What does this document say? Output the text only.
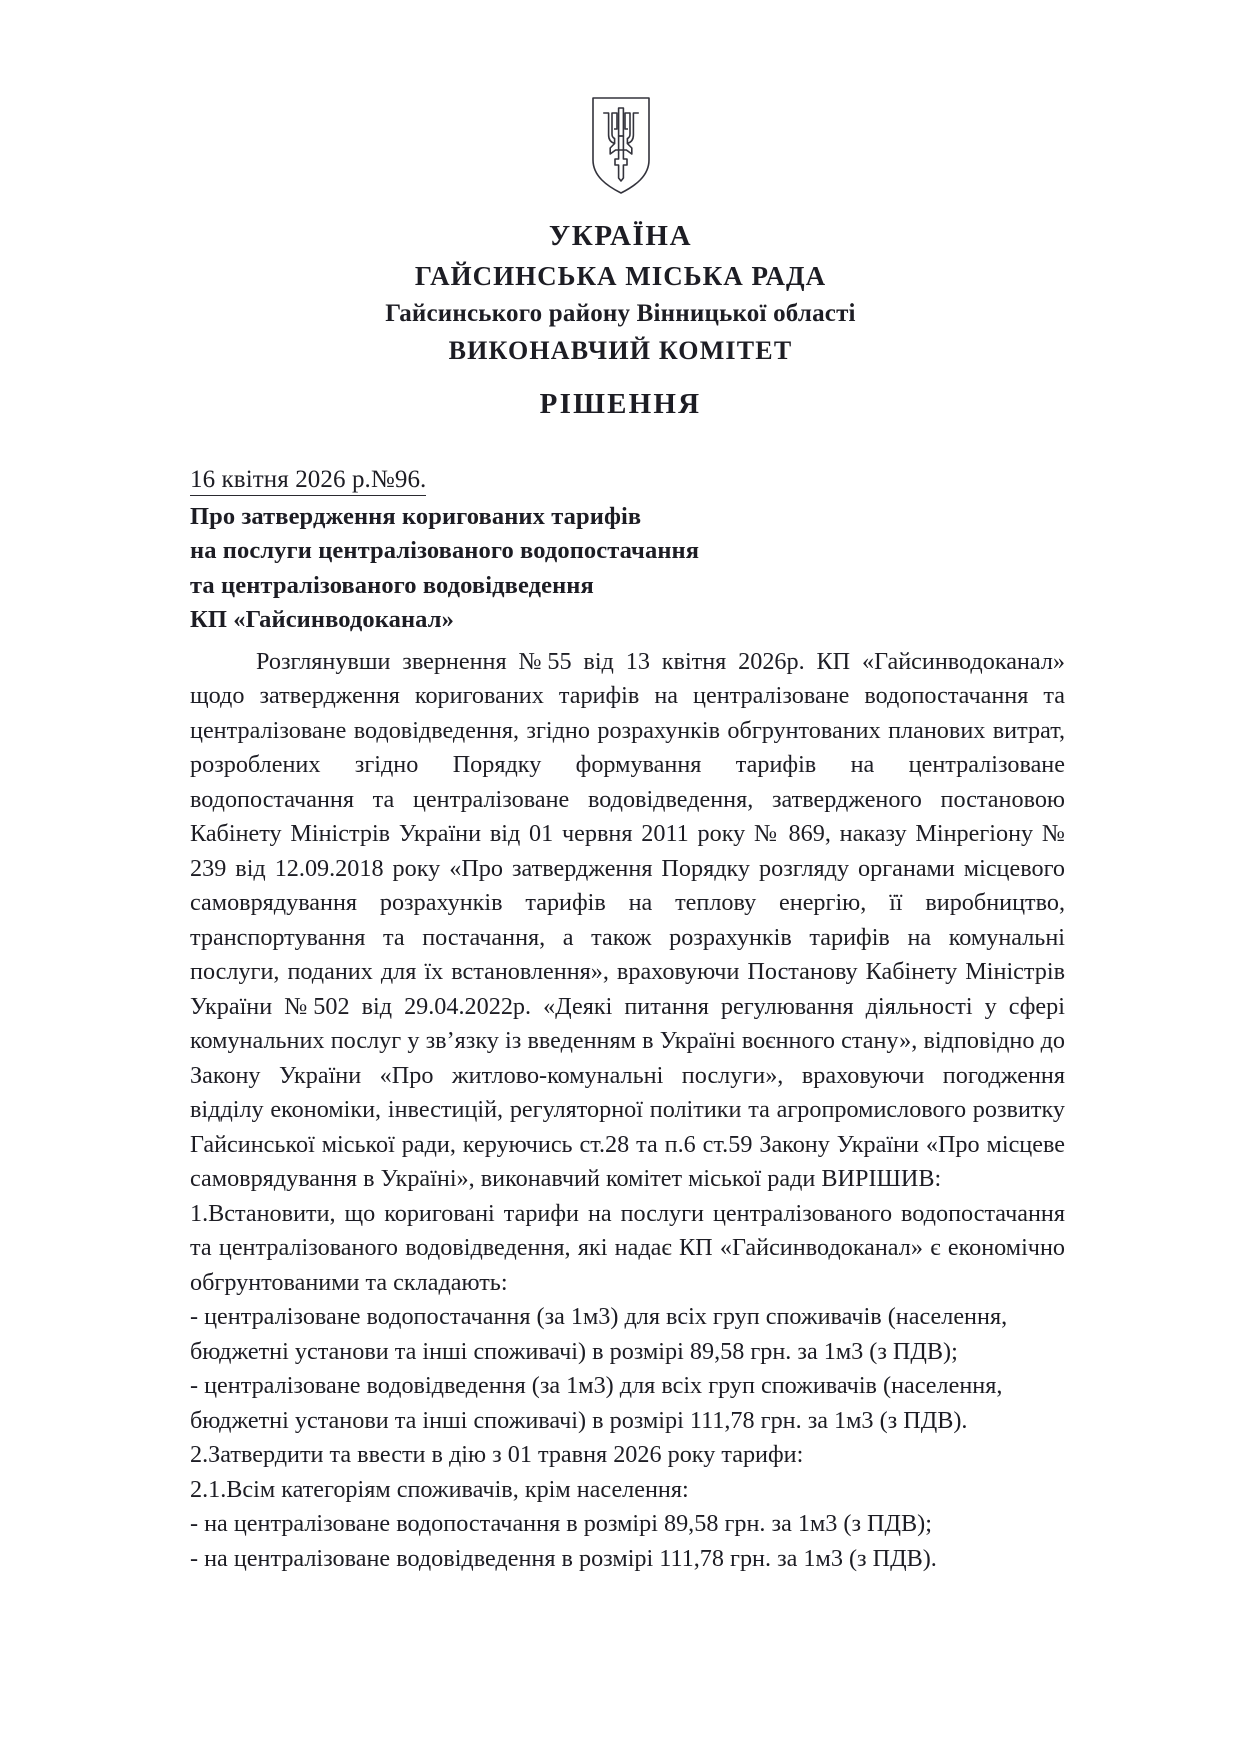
УКРАЇНА
ГАЙСИНСЬКА МІСЬКА РАДА
Гайсинського району Вінницької області
ВИКОНАВЧИЙ КОМІТЕТ
РІШЕННЯ
16 квітня 2026 р.№96.
Про затвердження коригованих тарифів
на послуги централізованого водопостачання
та централізованого водовідведення
КП «Гайсинводоканал»

Розглянувши звернення №55 від 13 квітня 2026р. КП «Гайсинводоканал» щодо затвердження коригованих тарифів на централізоване водопостачання та централізоване водовідведення, згідно розрахунків обгрунтованих планових витрат, розроблених згідно Порядку формування тарифів на централізоване водопостачання та централізоване водовідведення, затвердженого постановою Кабінету Міністрів України від 01 червня 2011 року № 869, наказу Мінрегіону № 239 від 12.09.2018 року «Про затвердження Порядку розгляду органами місцевого самоврядування розрахунків тарифів на теплову енергію, її виробництво, транспортування та постачання, а також розрахунків тарифів на комунальні послуги, поданих для їх встановлення», враховуючи Постанову Кабінету Міністрів України №502 від 29.04.2022р. «Деякі питання регулювання діяльності у сфері комунальних послуг у зв’язку із введенням в Україні воєнного стану», відповідно до Закону України «Про житлово-комунальні послуги», враховуючи погодження відділу економіки, інвестицій, регуляторної політики та агропромислового розвитку Гайсинської міської ради, керуючись ст.28 та п.6 ст.59 Закону України «Про місцеве самоврядування в Україні», виконавчий комітет міської ради ВИРІШИВ:

1.Встановити, що кориговані тарифи на послуги централізованого водопостачання та централізованого водовідведення, які надає КП «Гайсинводоканал» є економічно обгрунтованими та складають:

- централізоване водопостачання (за 1м3) для всіх груп споживачів (населення, бюджетні установи та інші споживачі) в розмірі 89,58 грн. за 1м3 (з ПДВ);

- централізоване водовідведення (за 1м3) для всіх груп споживачів (населення, бюджетні установи та інші споживачі) в розмірі 111,78 грн. за 1м3 (з ПДВ).

2.Затвердити та ввести в дію з 01 травня 2026 року тарифи:

2.1.Всім категоріям споживачів, крім населення:

- на централізоване водопостачання в розмірі 89,58 грн. за 1м3 (з ПДВ);

- на централізоване водовідведення в розмірі 111,78 грн. за 1м3 (з ПДВ).
